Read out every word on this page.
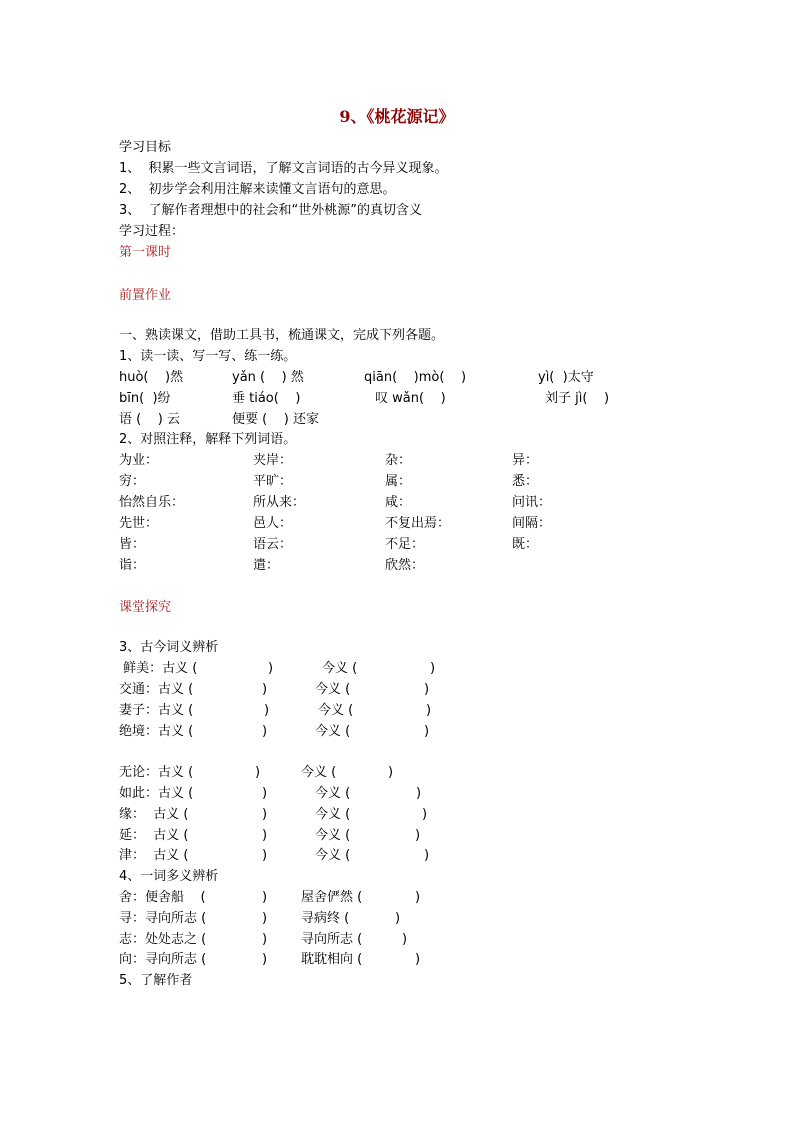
9、《桃花源记》
学习目标
1、  积累一些文言词语，了解文言词语的古今异义现象。
2、  初步学会利用注解来读懂文言语句的意思。
3、  了解作者理想中的社会和“世外桃源”的真切含义
学习过程：
第一课时
前置作业
一、熟读课文，借助工具书，梳通课文，完成下列各题。
1、读一读、写一写、练一练。
huò(    )然	yǎn (    ) 然	qiān(    )mò(    )	yì(  )太守
bīn(  )纷	垂 tiáo(    )	叹 wǎn(    )	刘子 jì(    )
语 (    ) 云	便要 (    ) 还家
2、对照注释，解释下列词语。
为业：	夹岸：	杂：	异：
穷：	平旷：	属：	悉：
怡然自乐：	所从来：	咸：	问讯：
先世：	邑人：	不复出焉：	间隔：
皆：	语云：	不足：	既：
诣：	遣：	欣然：
课堂探究
3、古今词义辨析
鲜美：古义 (	)	今义 (	)
交通：古义 (	)	今义 (	)
妻子：古义 (	)	今义 (	)
绝境：古义 (	)	今义 (	)
无论：古义 (	)	今义 (	)
如此：古义 (	)	今义 (	)
缘：  古义 (	)	今义 (	)
延：  古义 (	)	今义 (	)
津：  古义 (	)	今义 (	)
4、一词多义辨析
舍：便舍船    (	)	屋舍俨然 (	)
寻：寻向所志 (	)	寻病终 (	)
志：处处志之 (	)	寻向所志 (	)
向：寻向所志 (	)	耽耽相向 (	)
5、了解作者
